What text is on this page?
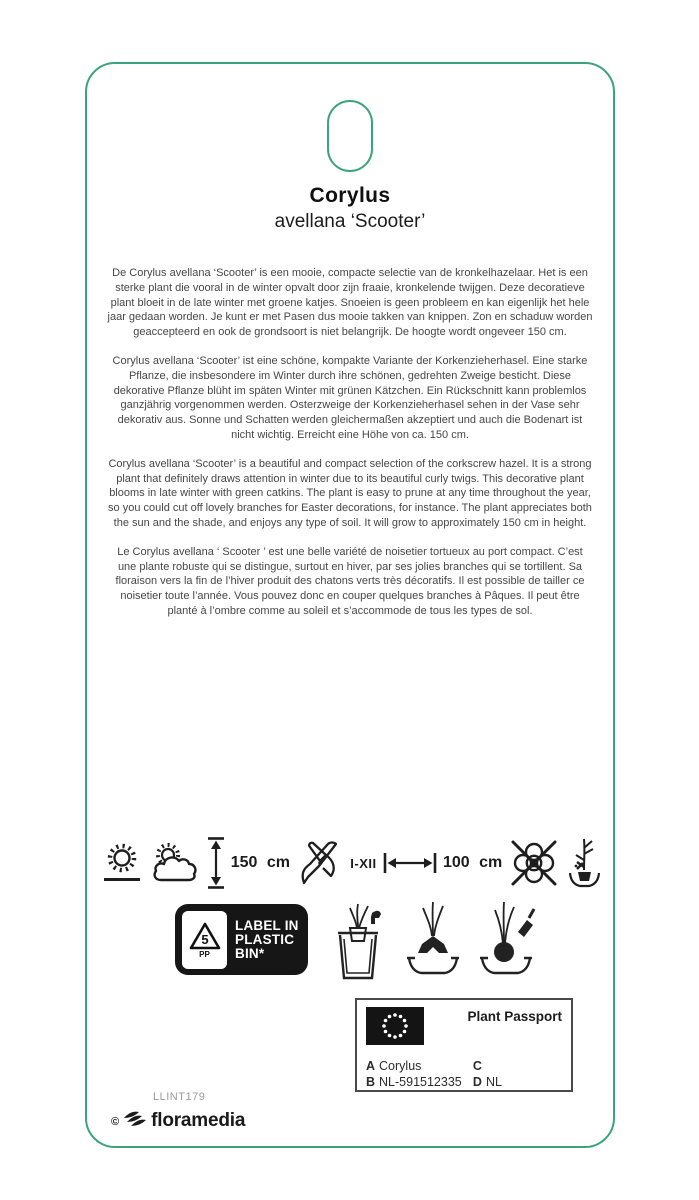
Corylus
avellana ‘Scooter’

De Corylus avellana ‘Scooter’ is een mooie, compacte selectie van de kronkelhazelaar. Het is een sterke plant die vooral in de winter opvalt door zijn fraaie, kronkelende twijgen. Deze decoratieve plant bloeit in de late winter met groene katjes. Snoeien is geen probleem en kan eigenlijk het hele jaar gedaan worden. Je kunt er met Pasen dus mooie takken van knippen. Zon en schaduw worden geaccepteerd en ook de grondsoort is niet belangrijk. De hoogte wordt ongeveer 150 cm.

Corylus avellana ‘Scooter’ ist eine schöne, kompakte Variante der Korkenzieherhasel. Eine starke Pflanze, die insbesondere im Winter durch ihre schönen, gedrehten Zweige besticht. Diese dekorative Pflanze blüht im späten Winter mit grünen Kätzchen. Ein Rückschnitt kann problemlos ganzjährig vorgenommen werden. Osterzweige der Korkenzieherhasel sehen in der Vase sehr dekorativ aus. Sonne und Schatten werden gleichermaßen akzeptiert und auch die Bodenart ist nicht wichtig. Erreicht eine Höhe von ca. 150 cm.

Corylus avellana ‘Scooter’ is a beautiful and compact selection of the corkscrew hazel. It is a strong plant that definitely draws attention in winter due to its beautiful curly twigs. This decorative plant blooms in late winter with green catkins. The plant is easy to prune at any time throughout the year, so you could cut off lovely branches for Easter decorations, for instance. The plant appreciates both the sun and the shade, and enjoys any type of soil. It will grow to approximately 150 cm in height.

Le Corylus avellana ‘ Scooter ’ est une belle variété de noisetier tortueux au port compact. C’est une plante robuste qui se distingue, surtout en hiver, par ses jolies branches qui se tortillent. Sa floraison vers la fin de l’hiver produit des chatons verts très décoratifs. Il est possible de tailler ce noisetier toute l’année. Vous pouvez donc en couper quelques branches à Pâques. Il peut être planté à l’ombre comme au soleil et s’accommode de tous les types de sol.

150 cm	I-XII	100 cm
5
PP
LABEL IN
PLASTIC
BIN*
Plant Passport
A Corylus	C
B NL-591512335 D NL
LLINT179
© floramedia
